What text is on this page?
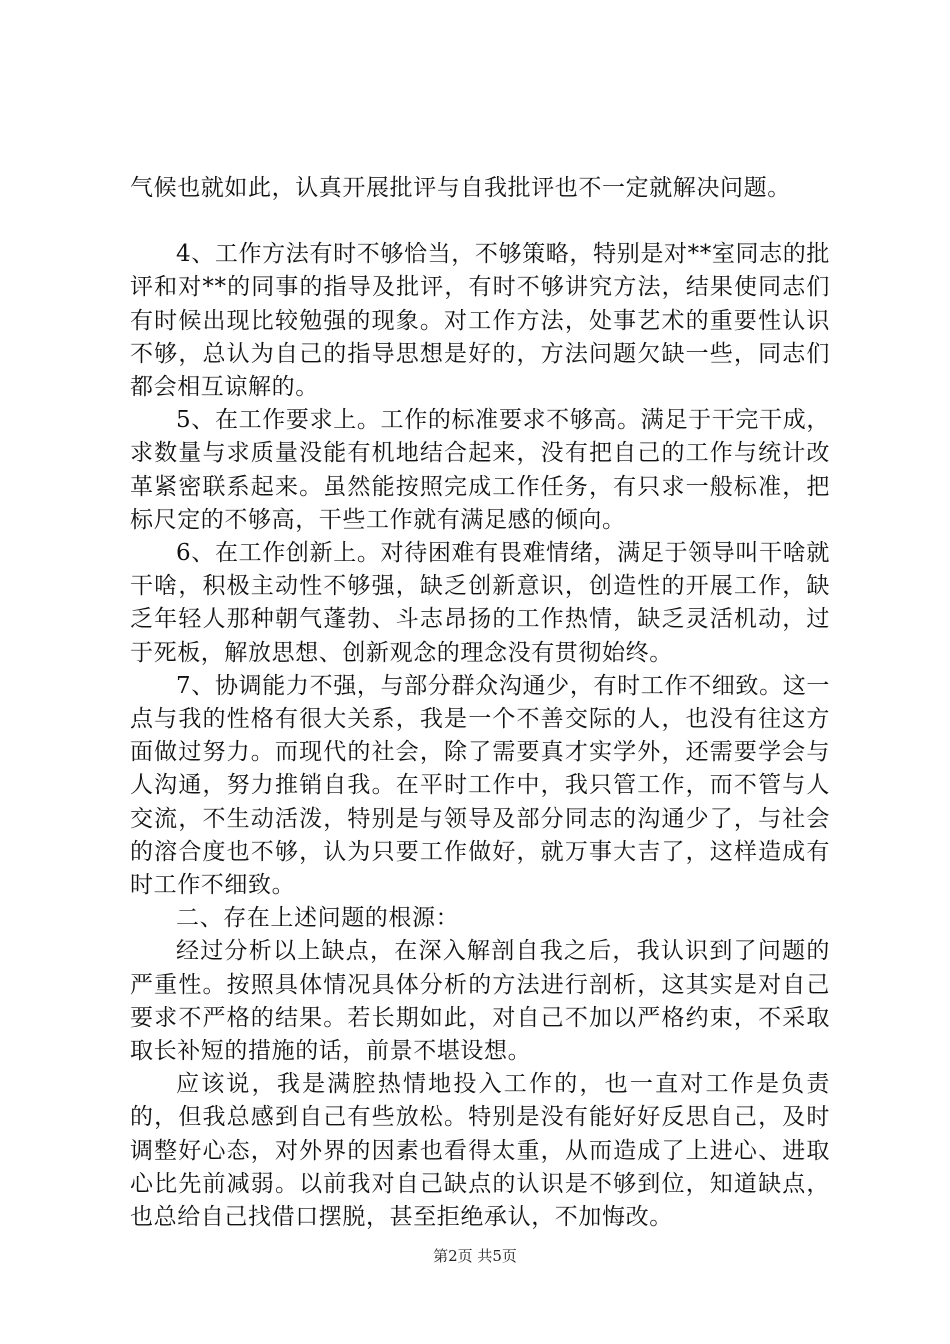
气候也就如此，认真开展批评与自我批评也不一定就解决问题。

4、工作方法有时不够恰当，不够策略，特别是对**室同志的批评和对**的同事的指导及批评，有时不够讲究方法，结果使同志们有时候出现比较勉强的现象。对工作方法，处事艺术的重要性认识不够，总认为自己的指导思想是好的，方法问题欠缺一些，同志们都会相互谅解的。

5、在工作要求上。工作的标准要求不够高。满足于干完干成，求数量与求质量没能有机地结合起来，没有把自己的工作与统计改革紧密联系起来。虽然能按照完成工作任务，有只求一般标准，把标尺定的不够高，干些工作就有满足感的倾向。

6、在工作创新上。对待困难有畏难情绪，满足于领导叫干啥就干啥，积极主动性不够强，缺乏创新意识，创造性的开展工作，缺乏年轻人那种朝气蓬勃、斗志昂扬的工作热情，缺乏灵活机动，过于死板，解放思想、创新观念的理念没有贯彻始终。

7、协调能力不强，与部分群众沟通少，有时工作不细致。这一点与我的性格有很大关系，我是一个不善交际的人，也没有往这方面做过努力。而现代的社会，除了需要真才实学外，还需要学会与人沟通，努力推销自我。在平时工作中，我只管工作，而不管与人交流，不生动活泼，特别是与领导及部分同志的沟通少了，与社会的溶合度也不够，认为只要工作做好，就万事大吉了，这样造成有时工作不细致。

二、存在上述问题的根源：

经过分析以上缺点，在深入解剖自我之后，我认识到了问题的严重性。按照具体情况具体分析的方法进行剖析，这其实是对自己要求不严格的结果。若长期如此，对自己不加以严格约束，不采取取长补短的措施的话，前景不堪设想。

应该说，我是满腔热情地投入工作的，也一直对工作是负责的，但我总感到自己有些放松。特别是没有能好好反思自己，及时调整好心态，对外界的因素也看得太重，从而造成了上进心、进取心比先前减弱。以前我对自己缺点的认识是不够到位，知道缺点，也总给自己找借口摆脱，甚至拒绝承认，不加悔改。

第2页 共5页
